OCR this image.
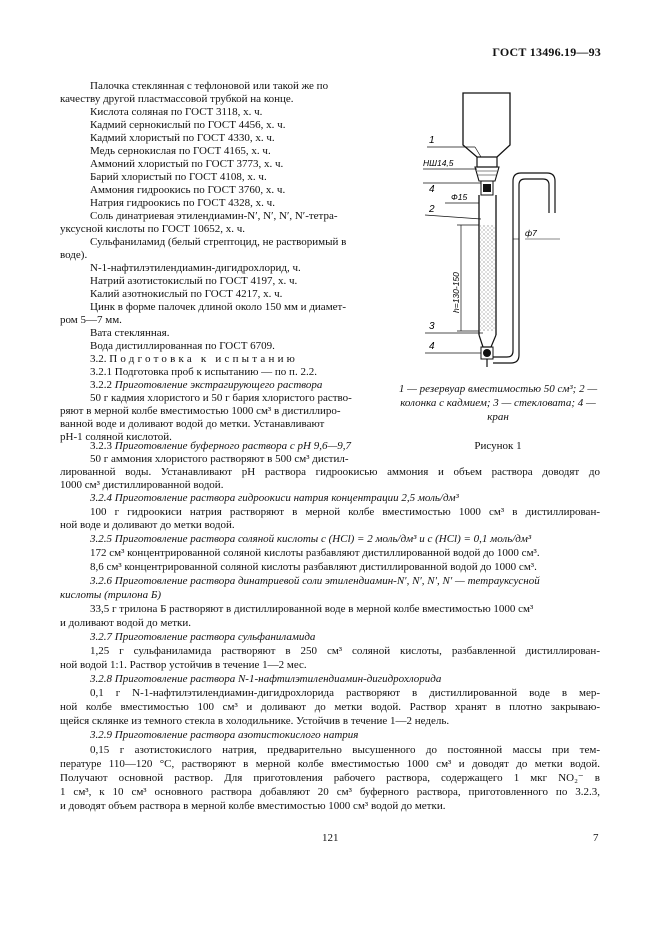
ГОСТ 13496.19—93
Палочка стеклянная с тефлоновой или такой же по
качеству другой пластмассовой трубкой на конце.
Кислота соляная по ГОСТ 3118, х. ч.
Кадмий сернокислый по ГОСТ 4456, х. ч.
Кадмий хлористый по ГОСТ 4330, х. ч.
Медь сернокислая по ГОСТ 4165, х. ч.
Аммоний хлористый по ГОСТ 3773, х. ч.
Барий хлористый по ГОСТ 4108, х. ч.
Аммония гидроокись по ГОСТ 3760, х. ч.
Натрия гидроокись по ГОСТ 4328, х. ч.
Соль динатриевая этилендиамин-N′, N′, N′, N′-тетра-
уксусной кислоты по ГОСТ 10652, х. ч.
Сульфаниламид (белый стрептоцид, не растворимый в
воде).
N-1-нафтилэтилендиамин-дигидрохлорид, ч.
Натрий азотистокислый по ГОСТ 4197, х. ч.
Калий азотнокислый по ГОСТ 4217, х. ч.
Цинк в форме палочек длиной около 150 мм и диамет-
ром 5—7 мм.
Вата стеклянная.
Вода дистиллированная по ГОСТ 6709.
3.2. Подготовка к испытанию
3.2.1 Подготовка проб к испытанию — по п. 2.2.
3.2.2 Приготовление экстрагирующего раствора
50 г кадмия хлористого и 50 г бария хлористого раство-
ряют в мерной колбе вместимостью 1000 см³ в дистиллиро-
ванной воде и доливают водой до метки. Устанавливают
pH-1 соляной кислотой.
3.2.3 Приготовление буферного раствора с pH 9,6—9,7
50 г аммония хлористого растворяют в 500 см³ дистил-
1
НШ14,5
4
Ф15
2
h=130-150
ф7
3
4
1 — резервуар вместимостью 50 см³; 2 — колонка с кадмием; 3 — стекловата; 4 — кран
Рисунок 1
лированной воды. Устанавливают pH раствора гидроокисью аммония и объем раствора доводят до
1000 см³ дистиллированной водой.
3.2.4 Приготовление раствора гидроокиси натрия концентрации 2,5 моль/дм³
100 г гидроокиси натрия растворяют в мерной колбе вместимостью 1000 см³ в дистиллирован-
ной воде и доливают до метки водой.
3.2.5 Приготовление раствора соляной кислоты с (HCl) = 2 моль/дм³ и с (HCl) = 0,1 моль/дм³
172 см³ концентрированной соляной кислоты разбавляют дистиллированной водой до 1000 см³.
8,6 см³ концентрированной соляной кислоты разбавляют дистиллированной водой до 1000 см³.
3.2.6 Приготовление раствора динатриевой соли этилендиамин-N′, N′, N′, N′ — тетрауксусной
кислоты (трилона Б)
33,5 г трилона Б растворяют в дистиллированной воде в мерной колбе вместимостью 1000 см³
и доливают водой до метки.
3.2.7 Приготовление раствора сульфаниламида
1,25 г сульфаниламида растворяют в 250 см³ соляной кислоты, разбавленной дистиллирован-
ной водой 1:1. Раствор устойчив в течение 1—2 мес.
3.2.8 Приготовление раствора N-1-нафтилэтилендиамин-дигидрохлорида
0,1 г N-1-нафтилэтилендиамин-дигидрохлорида растворяют в дистиллированной воде в мер-
ной колбе вместимостью 100 см³ и доливают до метки водой. Раствор хранят в плотно закрываю-
щейся склянке из темного стекла в холодильнике. Устойчив в течение 1—2 недель.
3.2.9 Приготовление раствора азотистокислого натрия
0,15 г азотистокислого натрия, предварительно высушенного до постоянной массы при тем-
пературе 110—120 °С, растворяют в мерной колбе вместимостью 1000 см³ и доводят до метки водой.
Получают основной раствор. Для приготовления рабочего раствора, содержащего 1 мкг NO₂⁻ в
1 см³, к 10 см³ основного раствора добавляют 20 см³ буферного раствора, приготовленного по 3.2.3,
и доводят объем раствора в мерной колбе вместимостью 1000 см³ водой до метки.
121	7
